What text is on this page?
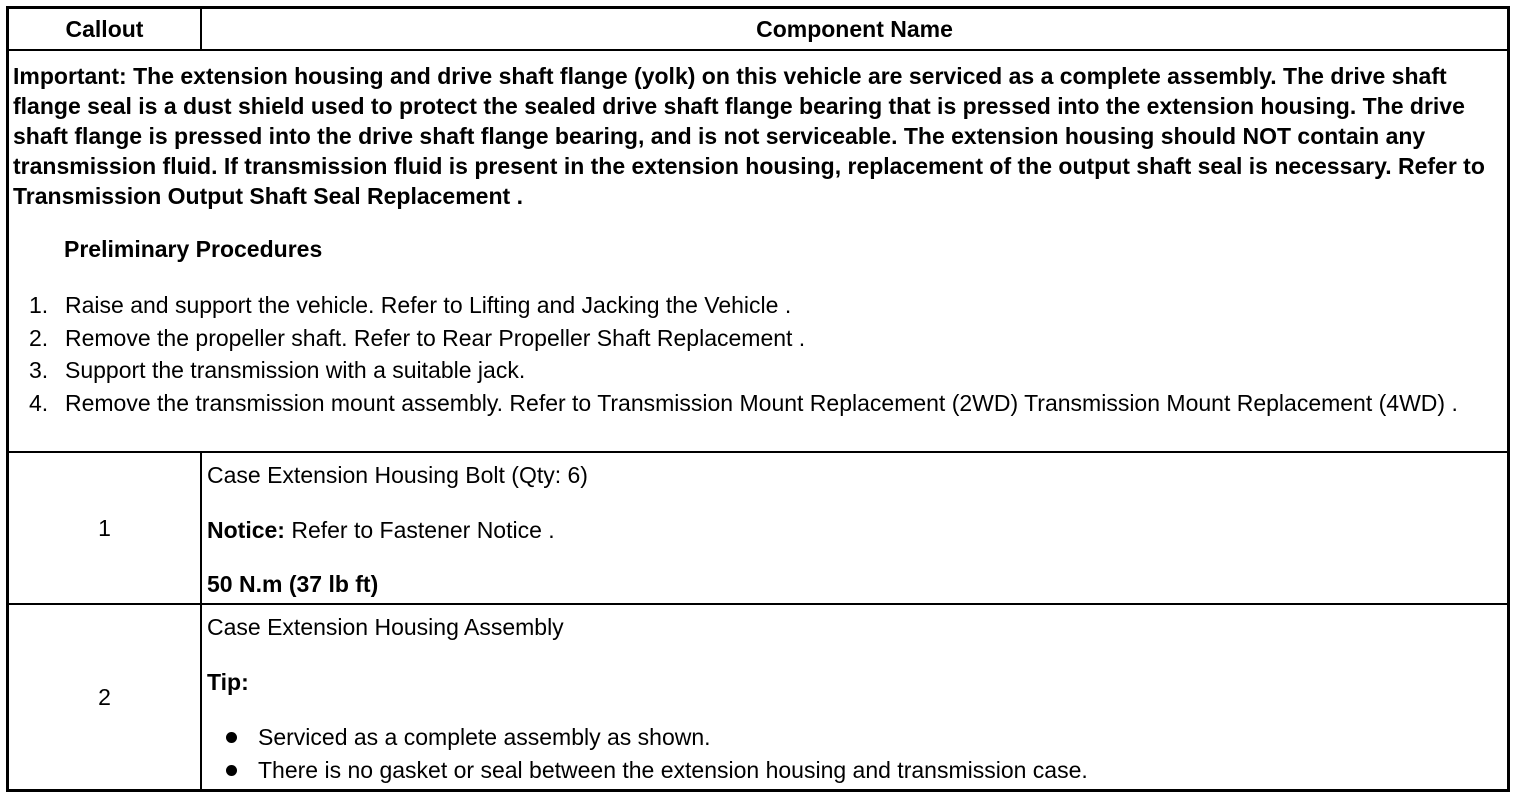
Callout	Component Name

Important: The extension housing and drive shaft flange (yolk) on this vehicle are serviced as a complete assembly. The drive shaft flange seal is a dust shield used to protect the sealed drive shaft flange bearing that is pressed into the extension housing. The drive shaft flange is pressed into the drive shaft flange bearing, and is not serviceable. The extension housing should NOT contain any transmission fluid. If transmission fluid is present in the extension housing, replacement of the output shaft seal is necessary. Refer to Transmission Output Shaft Seal Replacement .

Preliminary Procedures

1. Raise and support the vehicle. Refer to Lifting and Jacking the Vehicle .
2. Remove the propeller shaft. Refer to Rear Propeller Shaft Replacement .
3. Support the transmission with a suitable jack.
4. Remove the transmission mount assembly. Refer to Transmission Mount Replacement (2WD) Transmission Mount Replacement (4WD) .
1
Case Extension Housing Bolt (Qty: 6)
Notice: Refer to Fastener Notice .
50 N.m (37 lb ft)
2
Case Extension Housing Assembly
Tip:
Serviced as a complete assembly as shown.
There is no gasket or seal between the extension housing and transmission case.
